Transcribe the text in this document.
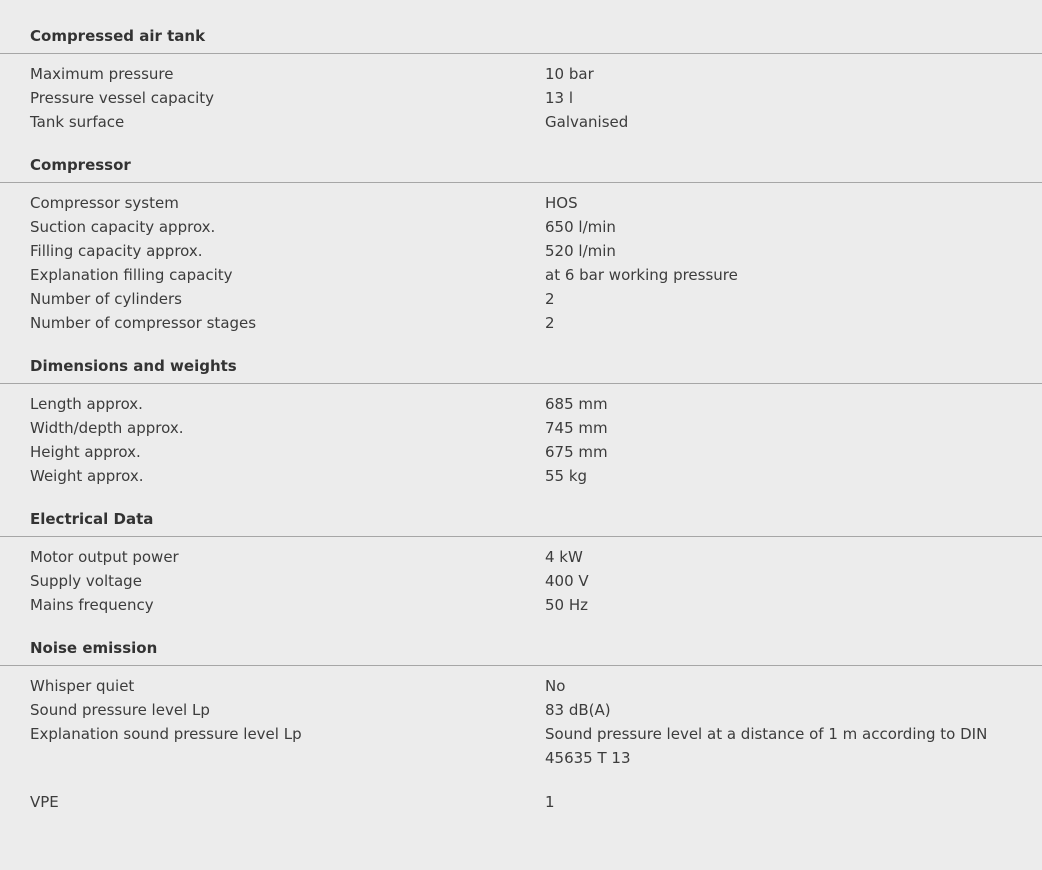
Compressed air tank
Maximum pressure	10 bar
Pressure vessel capacity	13 l
Tank surface	Galvanised
Compressor
Compressor system	HOS
Suction capacity approx.	650 l/min
Filling capacity approx.	520 l/min
Explanation filling capacity	at 6 bar working pressure
Number of cylinders	2
Number of compressor stages	2
Dimensions and weights
Length approx.	685 mm
Width/depth approx.	745 mm
Height approx.	675 mm
Weight approx.	55 kg
Electrical Data
Motor output power	4 kW
Supply voltage	400 V
Mains frequency	50 Hz
Noise emission
Whisper quiet	No
Sound pressure level Lp	83 dB(A)
Explanation sound pressure level Lp	Sound pressure level at a distance of 1 m according to DIN 45635 T 13
VPE	1
